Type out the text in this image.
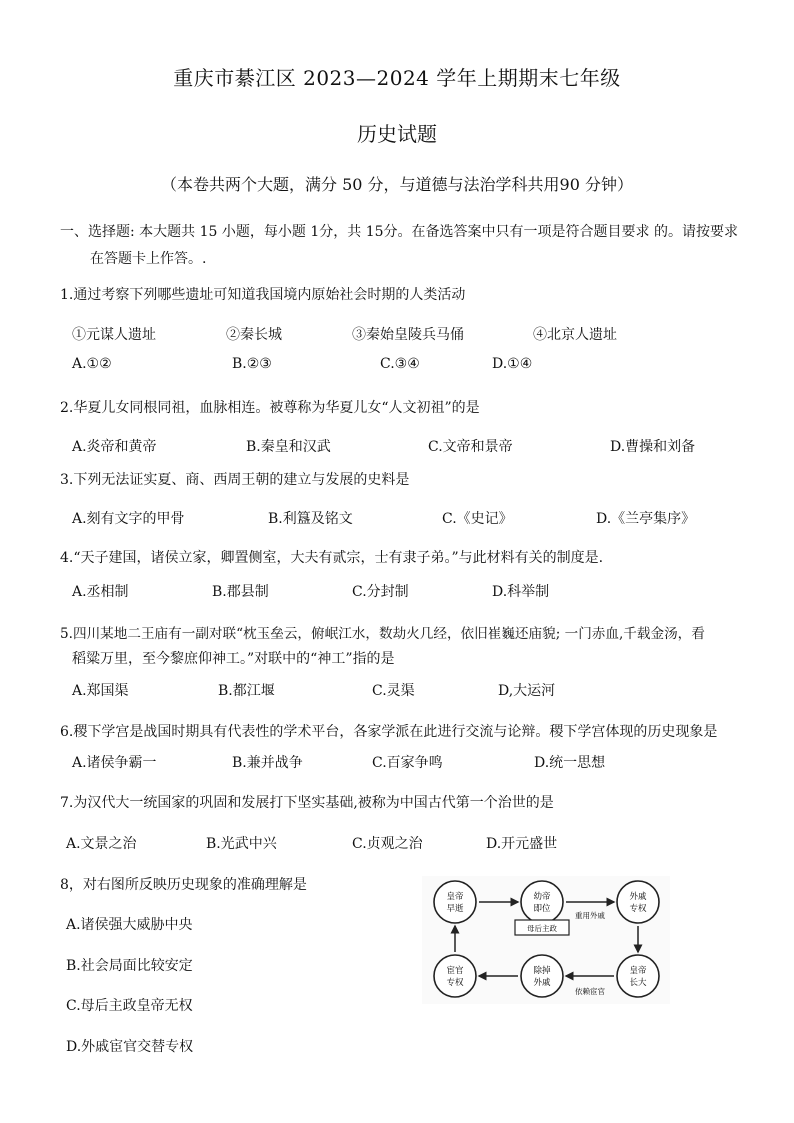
重庆市綦江区 2023—2024 学年上期期末七年级
历史试题
（本卷共两个大题，满分 50 分，与道德与法治学科共用90 分钟）
一、选择题: 本大题共 15 小题，每小题 1分，共 15分。在备选答案中只有一项是符合题目要求 的。请按要求
在答题卡上作答。.
1.通过考察下列哪些遗址可知道我国境内原始社会时期的人类活动
①元谋人遗址	②秦长城	③秦始皇陵兵马俑	④北京人遗址
A.①②	B.②③	C.③④	D.①④
2.华夏儿女同根同祖，血脉相连。被尊称为华夏儿女“人文初祖”的是
A.炎帝和黄帝	B.秦皇和汉武	C.文帝和景帝	D.曹操和刘备
3.下列无法证实夏、商、西周王朝的建立与发展的史料是
A.刻有文字的甲骨	B.利簋及铭文	C.《史记》	D.《兰亭集序》
4.“天子建国，诸侯立家，卿置侧室，大夫有贰宗，士有隶子弟。”与此材料有关的制度是.
A.丞相制	B.郡县制	C.分封制	D.科举制
5.四川某地二王庙有一副对联“枕玉垒云，俯岷江水，数劫火几经，依旧崔巍还庙貌; 一门赤血,千载金汤，看
稻粱万里，至今黎庶仰神工。”对联中的“神工”指的是
A.郑国渠	B.都江堰	C.灵渠	D,大运河
6.稷下学宫是战国时期具有代表性的学术平台，各家学派在此进行交流与论辩。稷下学宫体现的历史现象是
A.诸侯争霸一	B.兼并战争	C.百家争鸣	D.统一思想
7.为汉代大一统国家的巩固和发展打下坚实基础,被称为中国古代第一个治世的是
A.文景之治	B.光武中兴	C.贞观之治	D.开元盛世
8，对右图所反映历史现象的准确理解是
A.诸侯强大威胁中央
B.社会局面比较安定
C.母后主政皇帝无权
D.外戚宦官交替专权
皇帝
早逝
幼帝
即位
母后主政
外戚
专权
皇帝
长大
除掉
外戚
宦官
专权
重用外戚
依赖宦官
